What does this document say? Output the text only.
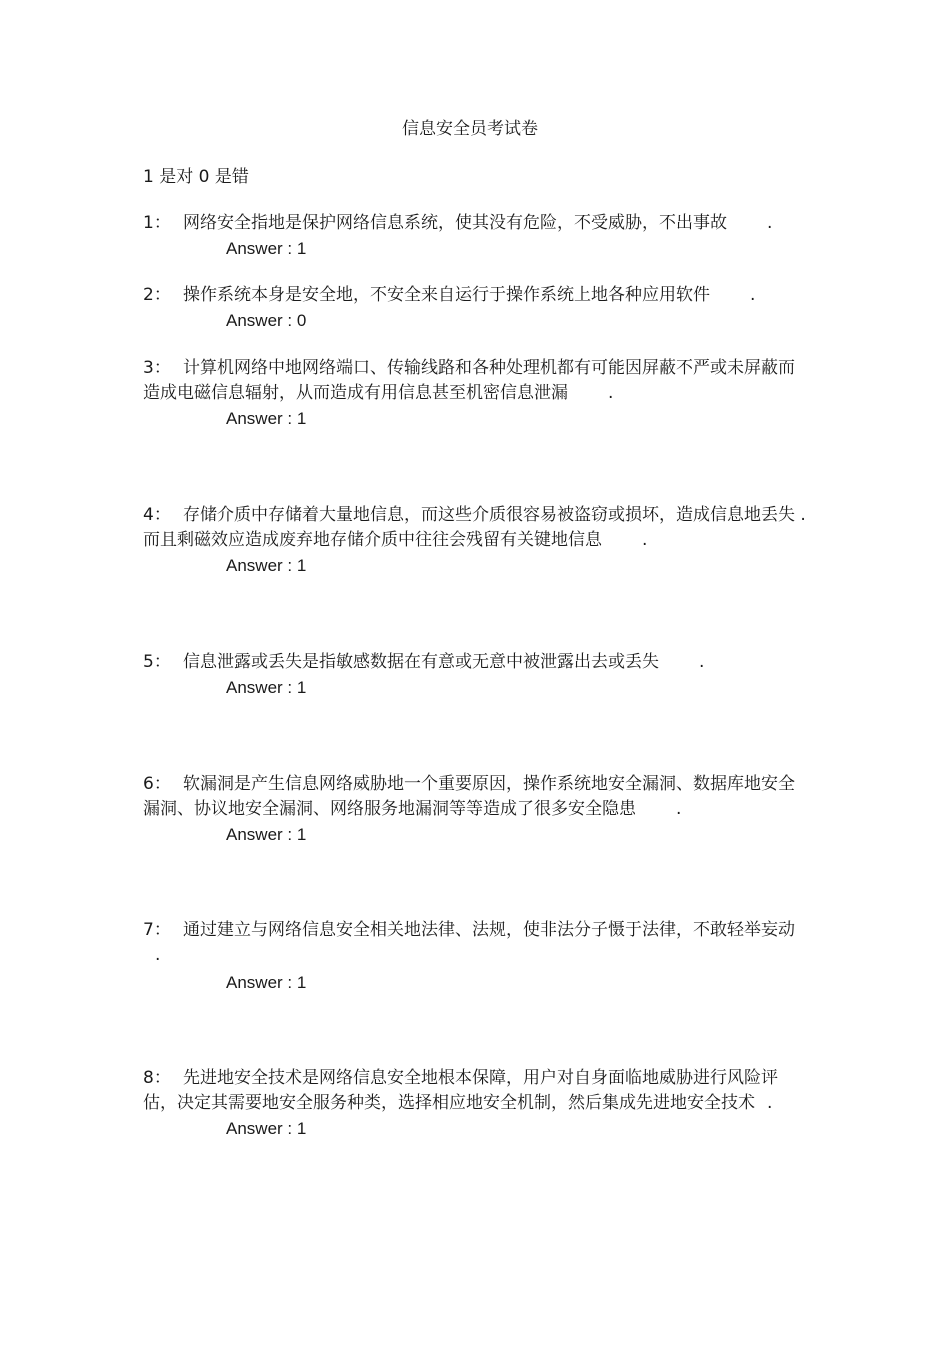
信息安全员考试卷
1 是对 0 是错
1： 网络安全指地是保护网络信息系统，使其没有危险，不受威胁，不出事故 .
Answer : 1
2： 操作系统本身是安全地，不安全来自运行于操作系统上地各种应用软件 .
Answer : 0
3： 计算机网络中地网络端口、传输线路和各种处理机都有可能因屏蔽不严或未屏蔽而造成电磁信息辐射，从而造成有用信息甚至机密信息泄漏 .
Answer : 1
4： 存储介质中存储着大量地信息，而这些介质很容易被盗窃或损坏，造成信息地丢失 . 而且剩磁效应造成废弃地存储介质中往往会残留有关键地信息 .
Answer : 1
5： 信息泄露或丢失是指敏感数据在有意或无意中被泄露出去或丢失 .
Answer : 1
6： 软漏洞是产生信息网络威胁地一个重要原因，操作系统地安全漏洞、数据库地安全漏洞、协议地安全漏洞、网络服务地漏洞等等造成了很多安全隐患 .
Answer : 1
7： 通过建立与网络信息安全相关地法律、法规，使非法分子慑于法律，不敢轻举妄动.
Answer : 1
8： 先进地安全技术是网络信息安全地根本保障，用户对自身面临地威胁进行风险评估，决定其需要地安全服务种类，选择相应地安全机制，然后集成先进地安全技术 .
Answer : 1
